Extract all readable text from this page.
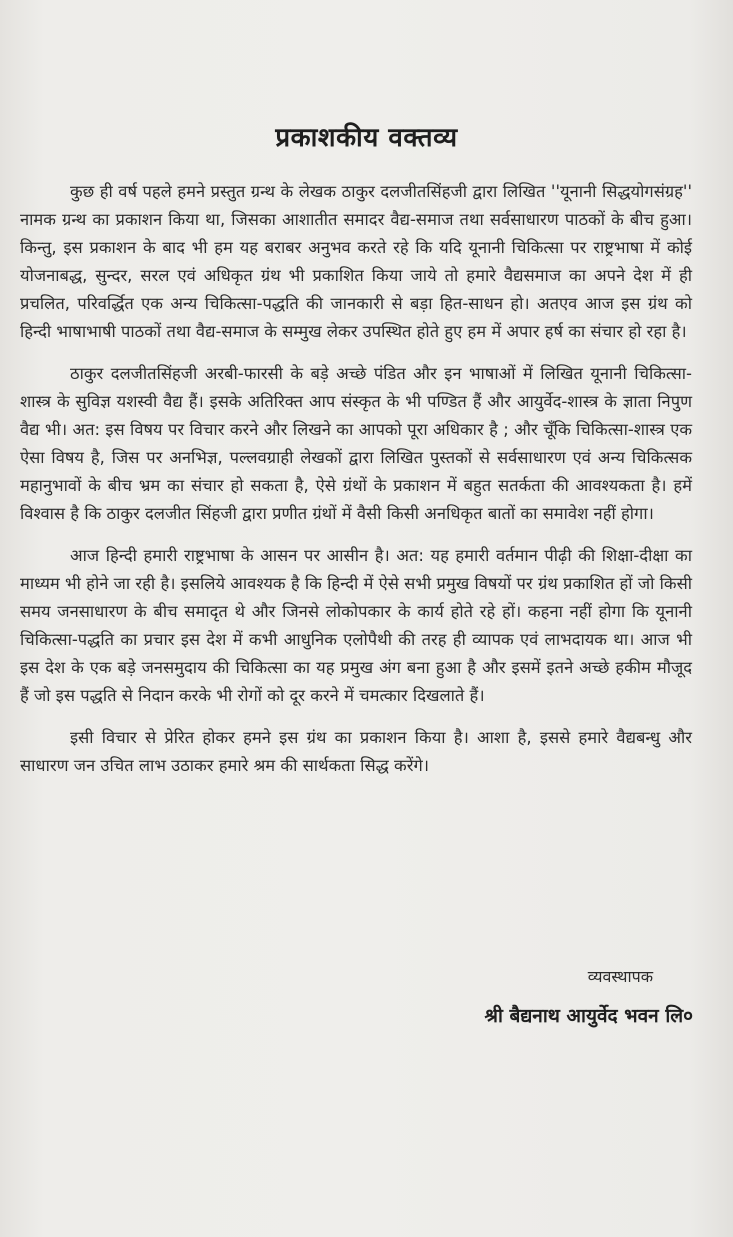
प्रकाशकीय वक्तव्य

कुछ ही वर्ष पहले हमने प्रस्तुत ग्रन्थ के लेखक ठाकुर दलजीतसिंहजी द्वारा लिखित ''यूनानी सिद्धयोगसंग्रह'' नामक ग्रन्थ का प्रकाशन किया था, जिसका आशातीत समादर वैद्य-समाज तथा सर्वसाधारण पाठकों के बीच हुआ। किन्तु, इस प्रकाशन के बाद भी हम यह बराबर अनुभव करते रहे कि यदि यूनानी चिकित्सा पर राष्ट्रभाषा में कोई योजनाबद्ध, सुन्दर, सरल एवं अधिकृत ग्रंथ भी प्रकाशित किया जाये तो हमारे वैद्यसमाज का अपने देश में ही प्रचलित, परिवर्द्धित एक अन्य चिकित्सा-पद्धति की जानकारी से बड़ा हित-साधन हो। अतएव आज इस ग्रंथ को हिन्दी भाषाभाषी पाठकों तथा वैद्य-समाज के सम्मुख लेकर उपस्थित होते हुए हम में अपार हर्ष का संचार हो रहा है।

ठाकुर दलजीतसिंहजी अरबी-फारसी के बड़े अच्छे पंडित और इन भाषाओं में लिखित यूनानी चिकित्सा-शास्त्र के सुविज्ञ यशस्वी वैद्य हैं। इसके अतिरिक्त आप संस्कृत के भी पण्डित हैं और आयुर्वेद-शास्त्र के ज्ञाता निपुण वैद्य भी। अत: इस विषय पर विचार करने और लिखने का आपको पूरा अधिकार है ; और चूँकि चिकित्सा-शास्त्र एक ऐसा विषय है, जिस पर अनभिज्ञ, पल्लवग्राही लेखकों द्वारा लिखित पुस्तकों से सर्वसाधारण एवं अन्य चिकित्सक महानुभावों के बीच भ्रम का संचार हो सकता है, ऐसे ग्रंथों के प्रकाशन में बहुत सतर्कता की आवश्यकता है। हमें विश्वास है कि ठाकुर दलजीत सिंहजी द्वारा प्रणीत ग्रंथों में वैसी किसी अनधिकृत बातों का समावेश नहीं होगा।

आज हिन्दी हमारी राष्ट्रभाषा के आसन पर आसीन है। अत: यह हमारी वर्तमान पीढ़ी की शिक्षा-दीक्षा का माध्यम भी होने जा रही है। इसलिये आवश्यक है कि हिन्दी में ऐसे सभी प्रमुख विषयों पर ग्रंथ प्रकाशित हों जो किसी समय जनसाधारण के बीच समादृत थे और जिनसे लोकोपकार के कार्य होते रहे हों। कहना नहीं होगा कि यूनानी चिकित्सा-पद्धति का प्रचार इस देश में कभी आधुनिक एलोपैथी की तरह ही व्यापक एवं लाभदायक था। आज भी इस देश के एक बड़े जनसमुदाय की चिकित्सा का यह प्रमुख अंग बना हुआ है और इसमें इतने अच्छे हकीम मौजूद हैं जो इस पद्धति से निदान करके भी रोगों को दूर करने में चमत्कार दिखलाते हैं।

इसी विचार से प्रेरित होकर हमने इस ग्रंथ का प्रकाशन किया है। आशा है, इससे हमारे वैद्यबन्धु और साधारण जन उचित लाभ उठाकर हमारे श्रम की सार्थकता सिद्ध करेंगे।

व्यवस्थापक
श्री बैद्यनाथ आयुर्वेद भवन लि०
